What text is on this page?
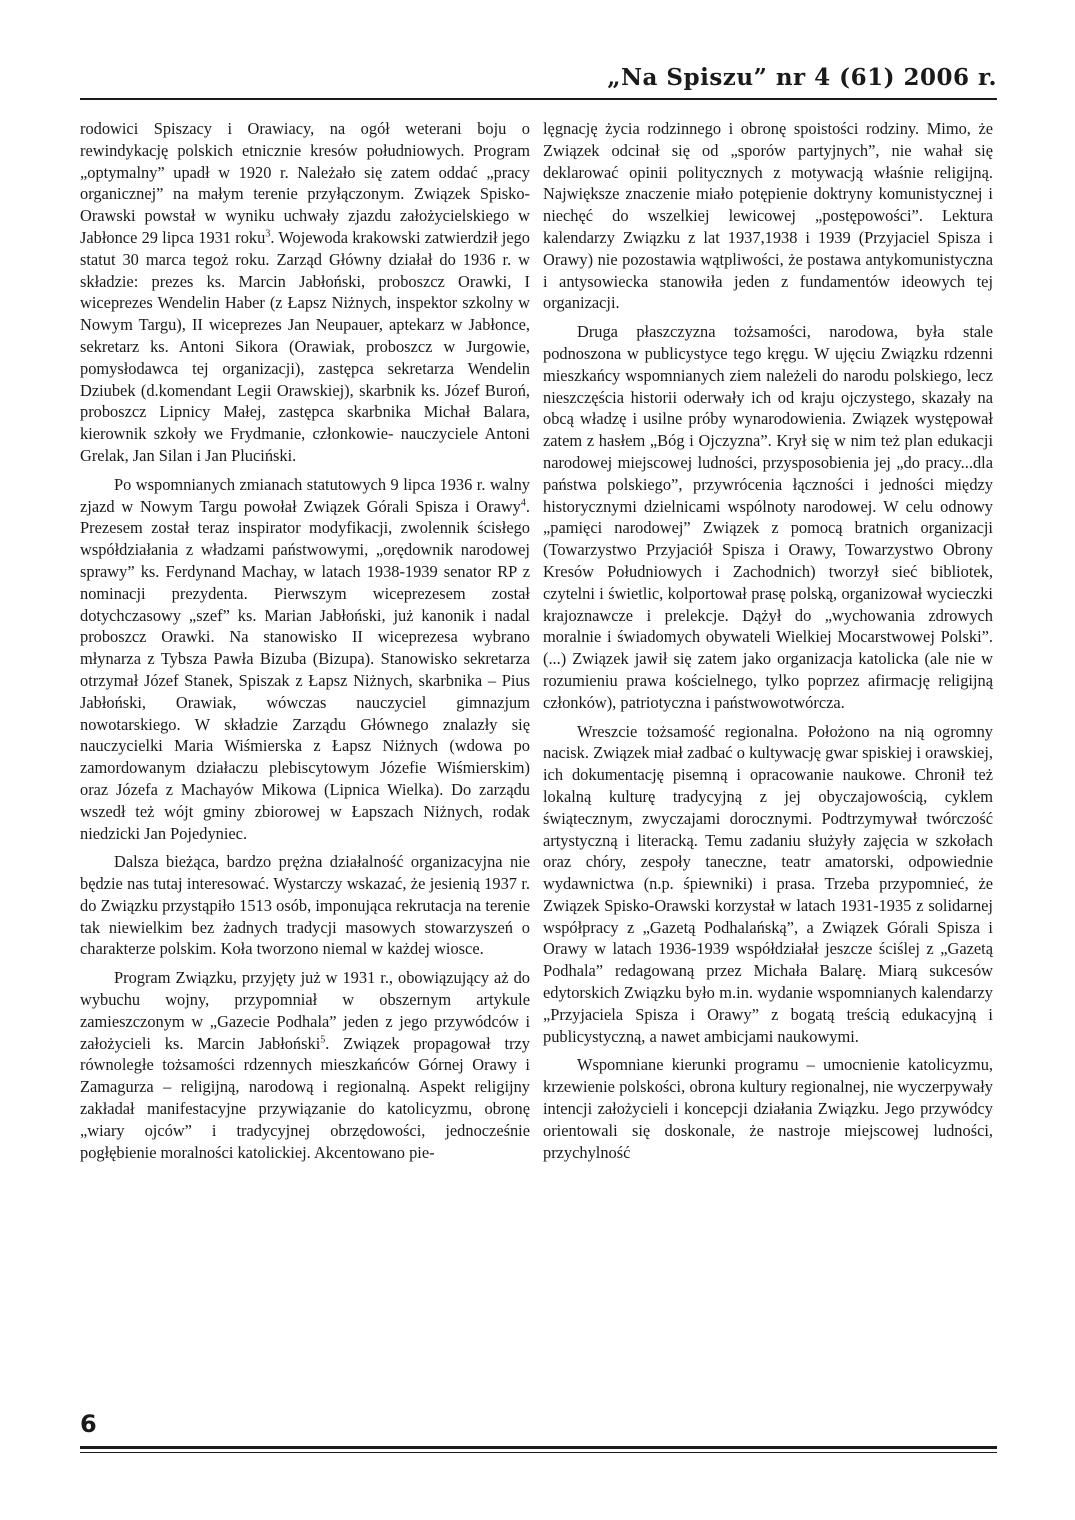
„Na Spiszu” nr 4 (61) 2006 r.

rodowici Spiszacy i Orawiacy, na ogół weterani boju o rewindykację polskich etnicznie kresów południowych. Program „optymalny” upadł w 1920 r. Należało się zatem oddać „pracy organicznej” na małym terenie przyłączonym. Związek Spisko-Orawski powstał w wyniku uchwały zjazdu założycielskiego w Jabłonce 29 lipca 1931 roku$^3$. Wojewoda krakowski zatwierdził jego statut 30 marca tegoż roku. Zarząd Główny działał do 1936 r. w składzie: prezes ks. Marcin Jabłoński, proboszcz Orawki, I wiceprezes Wendelin Haber (z Łapsz Niżnych, inspektor szkolny w Nowym Targu), II wiceprezes Jan Neupauer, aptekarz w Jabłonce, sekretarz ks. Antoni Sikora (Orawiak, proboszcz w Jurgowie, pomysłodawca tej organizacji), zastępca sekretarza Wendelin Dziubek (d.komendant Legii Orawskiej), skarbnik ks. Józef Buroń, proboszcz Lipnicy Małej, zastępca skarbnika Michał Balara, kierownik szkoły we Frydmanie, członkowie- nauczyciele Antoni Grelak, Jan Silan i Jan Pluciński.

Po wspomnianych zmianach statutowych 9 lipca 1936 r. walny zjazd w Nowym Targu powołał Związek Górali Spisza i Orawy$^4$. Prezesem został teraz inspirator modyfikacji, zwolennik ścisłego współdziałania z władzami państwowymi, „orędownik narodowej sprawy” ks. Ferdynand Machay, w latach 1938-1939 senator RP z nominacji prezydenta. Pierwszym wiceprezesem został dotychczasowy „szef” ks. Marian Jabłoński, już kanonik i nadal proboszcz Orawki. Na stanowisko II wiceprezesa wybrano młynarza z Tybsza Pawła Bizuba (Bizupa). Stanowisko sekretarza otrzymał Józef Stanek, Spiszak z Łapsz Niżnych, skarbnika – Pius Jabłoński, Orawiak, wówczas nauczyciel gimnazjum nowotarskiego. W składzie Zarządu Głównego znalazły się nauczycielki Maria Wiśmierska z Łapsz Niżnych (wdowa po zamordowanym działaczu plebiscytowym Józefie Wiśmierskim) oraz Józefa z Machayów Mikowa (Lipnica Wielka). Do zarządu wszedł też wójt gminy zbiorowej w Łapszach Niżnych, rodak niedzicki Jan Pojedyniec.

Dalsza bieżąca, bardzo prężna działalność organizacyjna nie będzie nas tutaj interesować. Wystarczy wskazać, że jesienią 1937 r. do Związku przystąpiło 1513 osób, imponująca rekrutacja na terenie tak niewielkim bez żadnych tradycji masowych stowarzyszeń o charakterze polskim. Koła tworzono niemal w każdej wiosce.

Program Związku, przyjęty już w 1931 r., obowiązujący aż do wybuchu wojny, przypomniał w obszernym artykule zamieszczonym w „Gazecie Podhala” jeden z jego przywódców i założycieli ks. Marcin Jabłoński$^5$. Związek propagował trzy równoległe tożsamości rdzennych mieszkańców Górnej Orawy i Zamagurza – religijną, narodową i regionalną. Aspekt religijny zakładał manifestacyjne przywiązanie do katolicyzmu, obronę „wiary ojców” i tradycyjnej obrzędowości, jednocześnie pogłębienie moralności katolickiej. Akcentowano pie-

lęgnację życia rodzinnego i obronę spoistości rodziny. Mimo, że Związek odcinał się od „sporów partyjnych”, nie wahał się deklarować opinii politycznych z motywacją właśnie religijną. Największe znaczenie miało potępienie doktryny komunistycznej i niechęć do wszelkiej lewicowej „postępowości”. Lektura kalendarzy Związku z lat 1937,1938 i 1939 (Przyjaciel Spisza i Orawy) nie pozostawia wątpliwości, że postawa antykomunistyczna i antysowiecka stanowiła jeden z fundamentów ideowych tej organizacji.

Druga płaszczyzna tożsamości, narodowa, była stale podnoszona w publicystyce tego kręgu. W ujęciu Związku rdzenni mieszkańcy wspomnianych ziem należeli do narodu polskiego, lecz nieszczęścia historii oderwały ich od kraju ojczystego, skazały na obcą władzę i usilne próby wynarodowienia. Związek występował zatem z hasłem „Bóg i Ojczyzna”. Krył się w nim też plan edukacji narodowej miejscowej ludności, przysposobienia jej „do pracy...dla państwa polskiego”, przywrócenia łączności i jedności między historycznymi dzielnicami wspólnoty narodowej. W celu odnowy „pamięci narodowej” Związek z pomocą bratnich organizacji (Towarzystwo Przyjaciół Spisza i Orawy, Towarzystwo Obrony Kresów Południowych i Zachodnich) tworzył sieć bibliotek, czytelni i świetlic, kolportował prasę polską, organizował wycieczki krajoznawcze i prelekcje. Dążył do „wychowania zdrowych moralnie i świadomych obywateli Wielkiej Mocarstwowej Polski”. (...) Związek jawił się zatem jako organizacja katolicka (ale nie w rozumieniu prawa kościelnego, tylko poprzez afirmację religijną członków), patriotyczna i państwowotwórcza.

Wreszcie tożsamość regionalna. Położono na nią ogromny nacisk. Związek miał zadbać o kultywację gwar spiskiej i orawskiej, ich dokumentację pisemną i opracowanie naukowe. Chronił też lokalną kulturę tradycyjną z jej obyczajowością, cyklem świątecznym, zwyczajami dorocznymi. Podtrzymywał twórczość artystyczną i literacką. Temu zadaniu służyły zajęcia w szkołach oraz chóry, zespoły taneczne, teatr amatorski, odpowiednie wydawnictwa (n.p. śpiewniki) i prasa. Trzeba przypomnieć, że Związek Spisko-Orawski korzystał w latach 1931-1935 z solidarnej współpracy z „Gazetą Podhalańską”, a Związek Górali Spisza i Orawy w latach 1936-1939 współdziałał jeszcze ściślej z „Gazetą Podhala” redagowaną przez Michała Balarę. Miarą sukcesów edytorskich Związku było m.in. wydanie wspomnianych kalendarzy „Przyjaciela Spisza i Orawy” z bogatą treścią edukacyjną i publicystyczną, a nawet ambicjami naukowymi.

Wspomniane kierunki programu – umocnienie katolicyzmu, krzewienie polskości, obrona kultury regionalnej, nie wyczerpywały intencji założycieli i koncepcji działania Związku. Jego przywódcy orientowali się doskonale, że nastroje miejscowej ludności, przychylność

6
